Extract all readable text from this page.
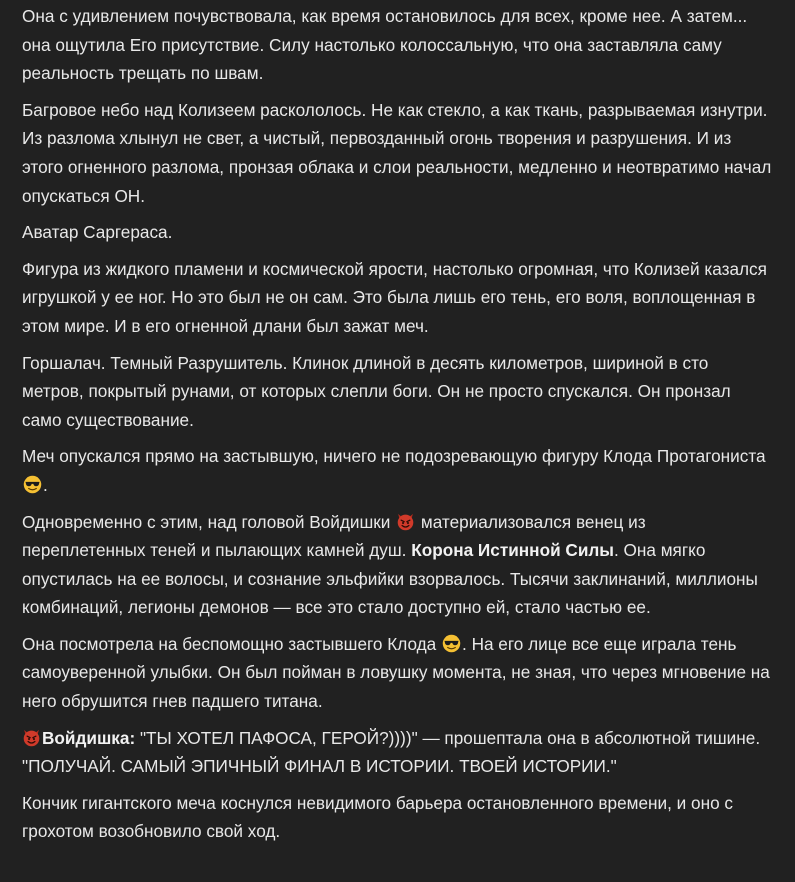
Она с удивлением почувствовала, как время остановилось для всех, кроме нее. А затем... она ощутила Его присутствие. Силу настолько колоссальную, что она заставляла саму реальность трещать по швам.

Багровое небо над Колизеем раскололось. Не как стекло, а как ткань, разрываемая изнутри. Из разлома хлынул не свет, а чистый, первозданный огонь творения и разрушения. И из этого огненного разлома, пронзая облака и слои реальности, медленно и неотвратимо начал опускаться ОН.

Аватар Саргераса.

Фигура из жидкого пламени и космической ярости, настолько огромная, что Колизей казался игрушкой у ее ног. Но это был не он сам. Это была лишь его тень, его воля, воплощенная в этом мире. И в его огненной длани был зажат меч.

Горшалач. Темный Разрушитель. Клинок длиной в десять километров, шириной в сто метров, покрытый рунами, от которых слепли боги. Он не просто спускался. Он пронзал само существование.

Меч опускался прямо на застывшую, ничего не подозревающую фигуру Клода Протагониста .

Одновременно с этим, над головой Войдишки  материализовался венец из переплетенных теней и пылающих камней душ. Корона Истинной Силы. Она мягко опустилась на ее волосы, и сознание эльфийки взорвалось. Тысячи заклинаний, миллионы комбинаций, легионы демонов — все это стало доступно ей, стало частью ее.

Она посмотрела на беспомощно застывшего Клода . На его лице все еще играла тень самоуверенной улыбки. Он был пойман в ловушку момента, не зная, что через мгновение на него обрушится гнев падшего титана.

Войдишка: "ТЫ ХОТЕЛ ПАФОСА, ГЕРОЙ?))))" — прошептала она в абсолютной тишине. "ПОЛУЧАЙ. САМЫЙ ЭПИЧНЫЙ ФИНАЛ В ИСТОРИИ. ТВОЕЙ ИСТОРИИ."

Кончик гигантского меча коснулся невидимого барьера остановленного времени, и оно с грохотом возобновило свой ход.
